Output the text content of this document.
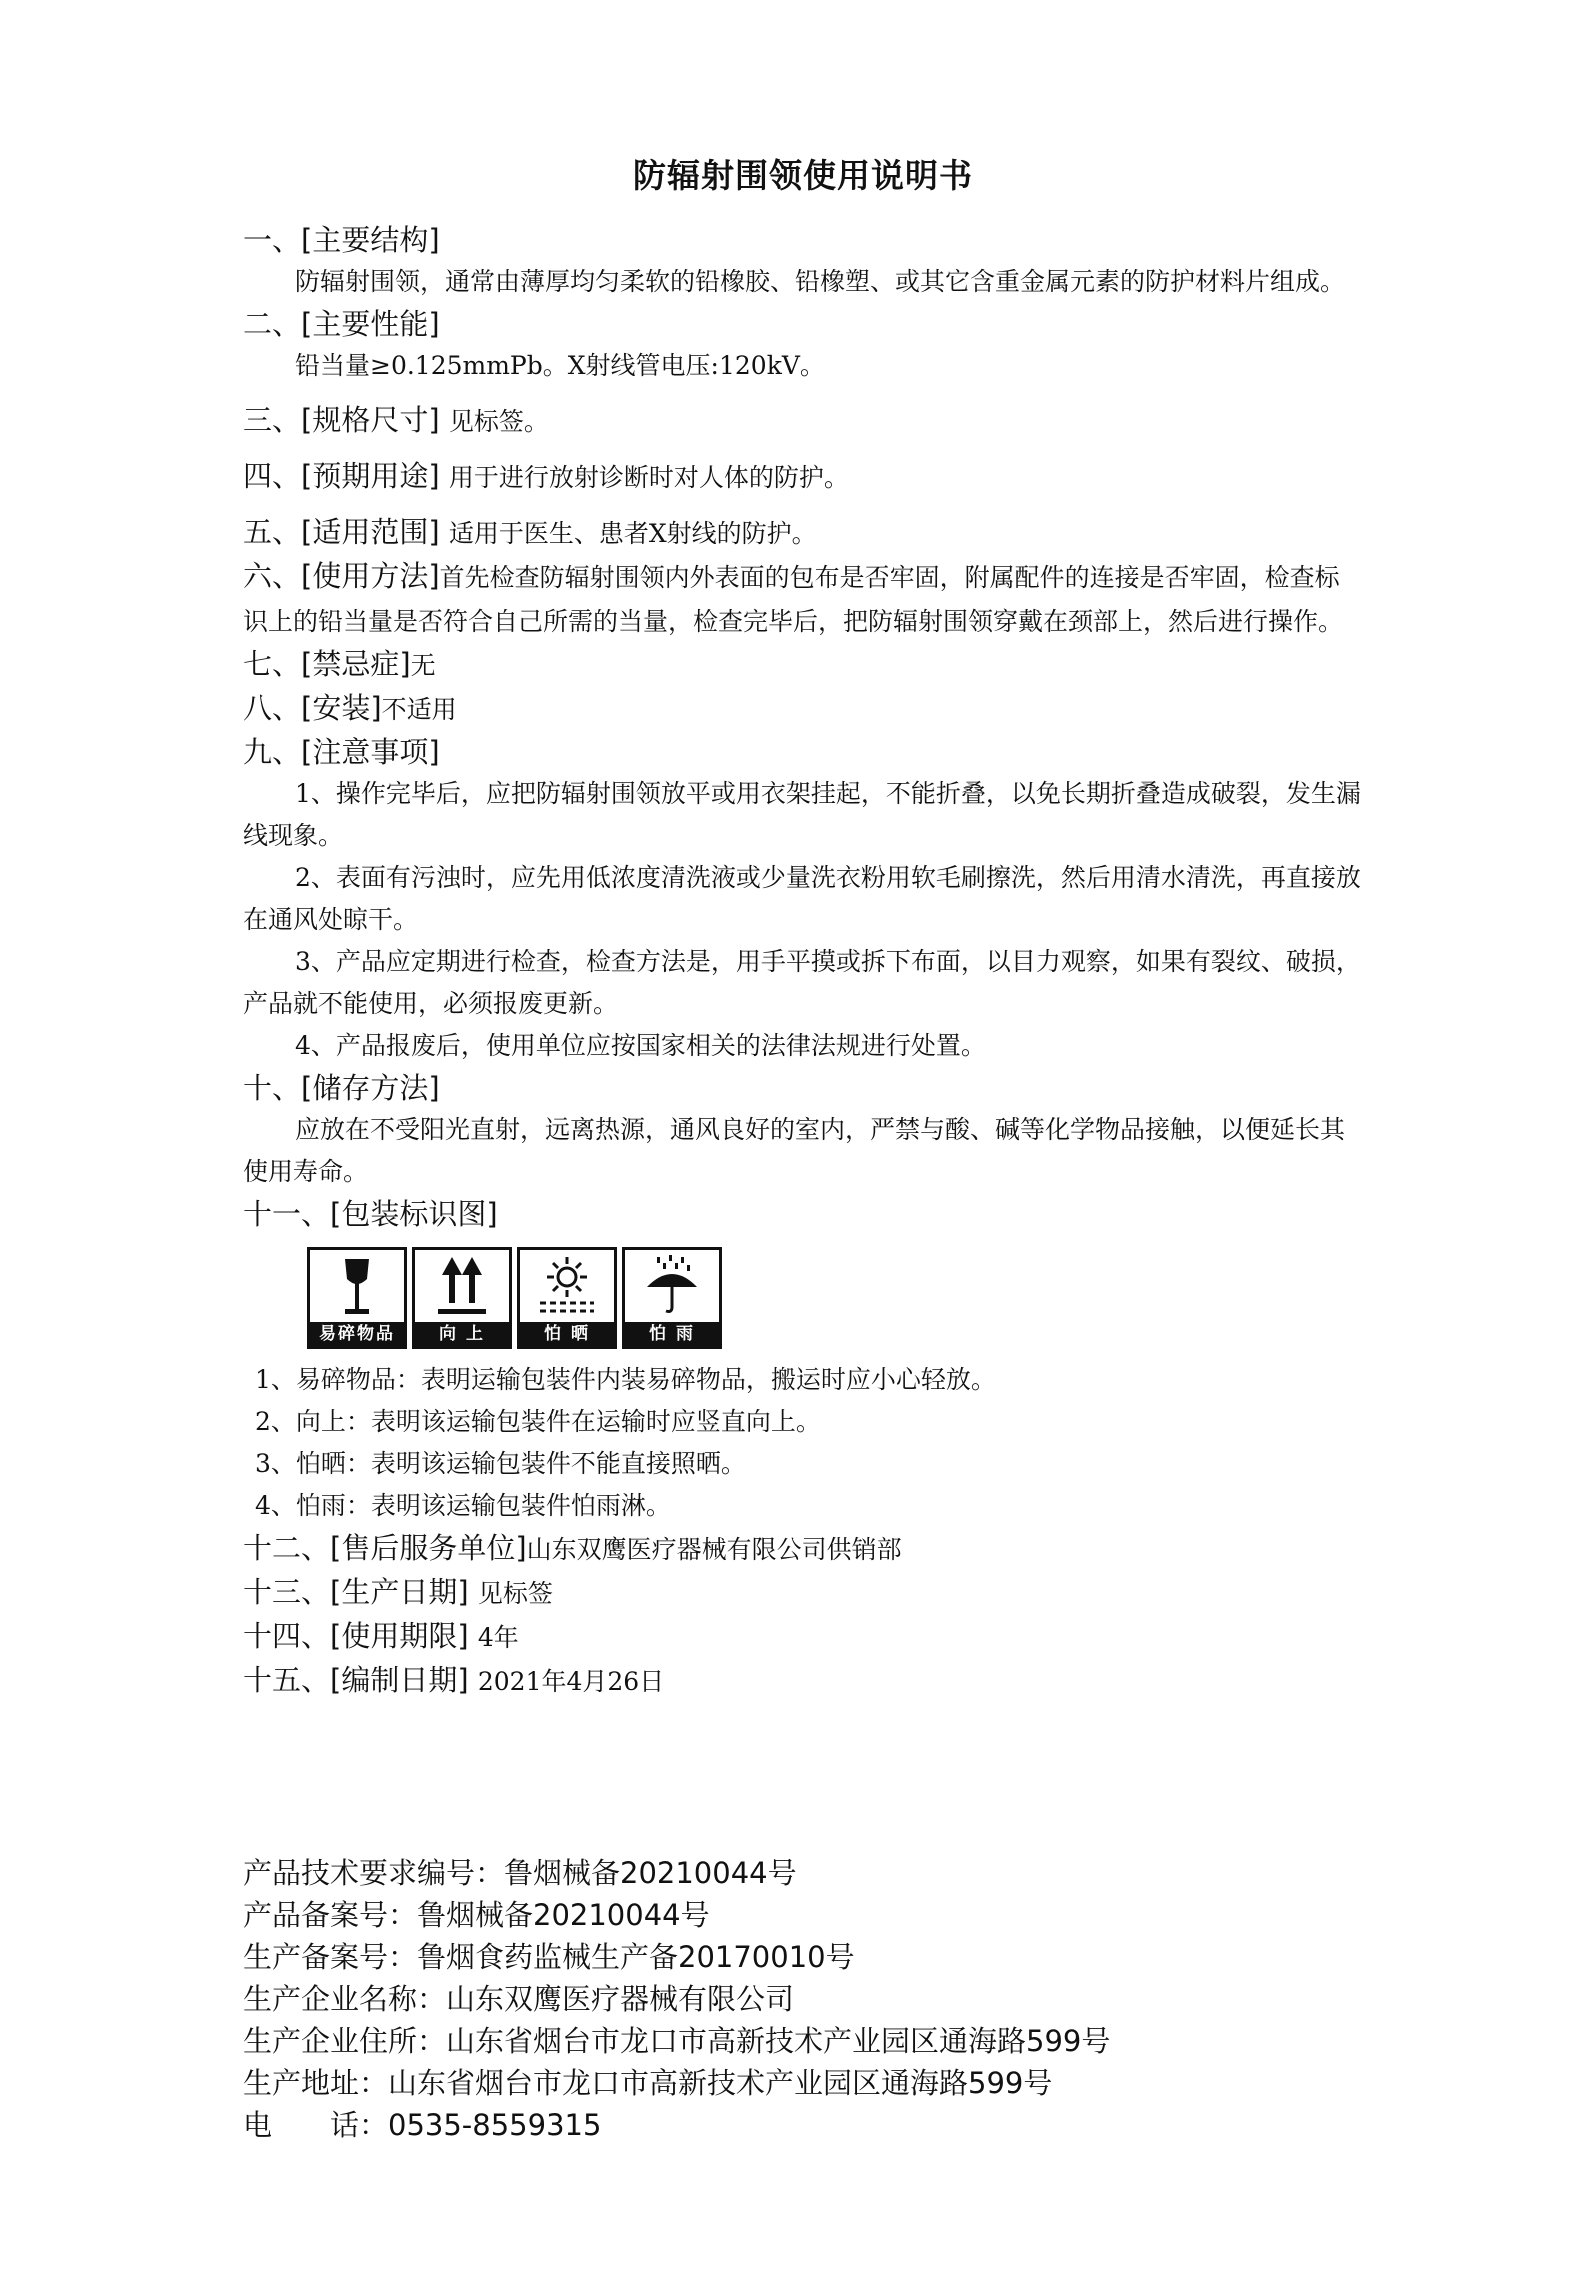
防辐射围领使用说明书

一、[主要结构]

防辐射围领，通常由薄厚均匀柔软的铅橡胶、铅橡塑、或其它含重金属元素的防护材料片组成。

二、[主要性能]

铅当量≥0.125mmPb。X射线管电压:120kV。

三、[规格尺寸] 见标签。

四、[预期用途] 用于进行放射诊断时对人体的防护。

五、[适用范围] 适用于医生、患者X射线的防护。

六、[使用方法]首先检查防辐射围领内外表面的包布是否牢固，附属配件的连接是否牢固，检查标识上的铅当量是否符合自己所需的当量，检查完毕后，把防辐射围领穿戴在颈部上，然后进行操作。

七、[禁忌症]无

八、[安装]不适用

九、[注意事项]

1、操作完毕后，应把防辐射围领放平或用衣架挂起，不能折叠，以免长期折叠造成破裂，发生漏线现象。

2、表面有污浊时，应先用低浓度清洗液或少量洗衣粉用软毛刷擦洗，然后用清水清洗，再直接放在通风处晾干。

3、产品应定期进行检查，检查方法是，用手平摸或拆下布面，以目力观察，如果有裂纹、破损，产品就不能使用，必须报废更新。

4、产品报废后，使用单位应按国家相关的法律法规进行处置。

十、[储存方法]

应放在不受阳光直射，远离热源，通风良好的室内，严禁与酸、碱等化学物品接触，以便延长其使用寿命。

十一、[包装标识图]

易碎物品	向 上	怕 晒	怕 雨

1、易碎物品：表明运输包装件内装易碎物品，搬运时应小心轻放。

2、向上：表明该运输包装件在运输时应竖直向上。

3、怕晒：表明该运输包装件不能直接照晒。

4、怕雨：表明该运输包装件怕雨淋。

十二、[售后服务单位]山东双鹰医疗器械有限公司供销部

十三、[生产日期] 见标签

十四、[使用期限] 4年

十五、[编制日期] 2021年4月26日

产品技术要求编号：鲁烟械备20210044号

产品备案号：鲁烟械备20210044号

生产备案号：鲁烟食药监械生产备20170010号

生产企业名称：山东双鹰医疗器械有限公司

生产企业住所：山东省烟台市龙口市高新技术产业园区通海路599号

生产地址：山东省烟台市龙口市高新技术产业园区通海路599号

电　　话：0535-8559315
